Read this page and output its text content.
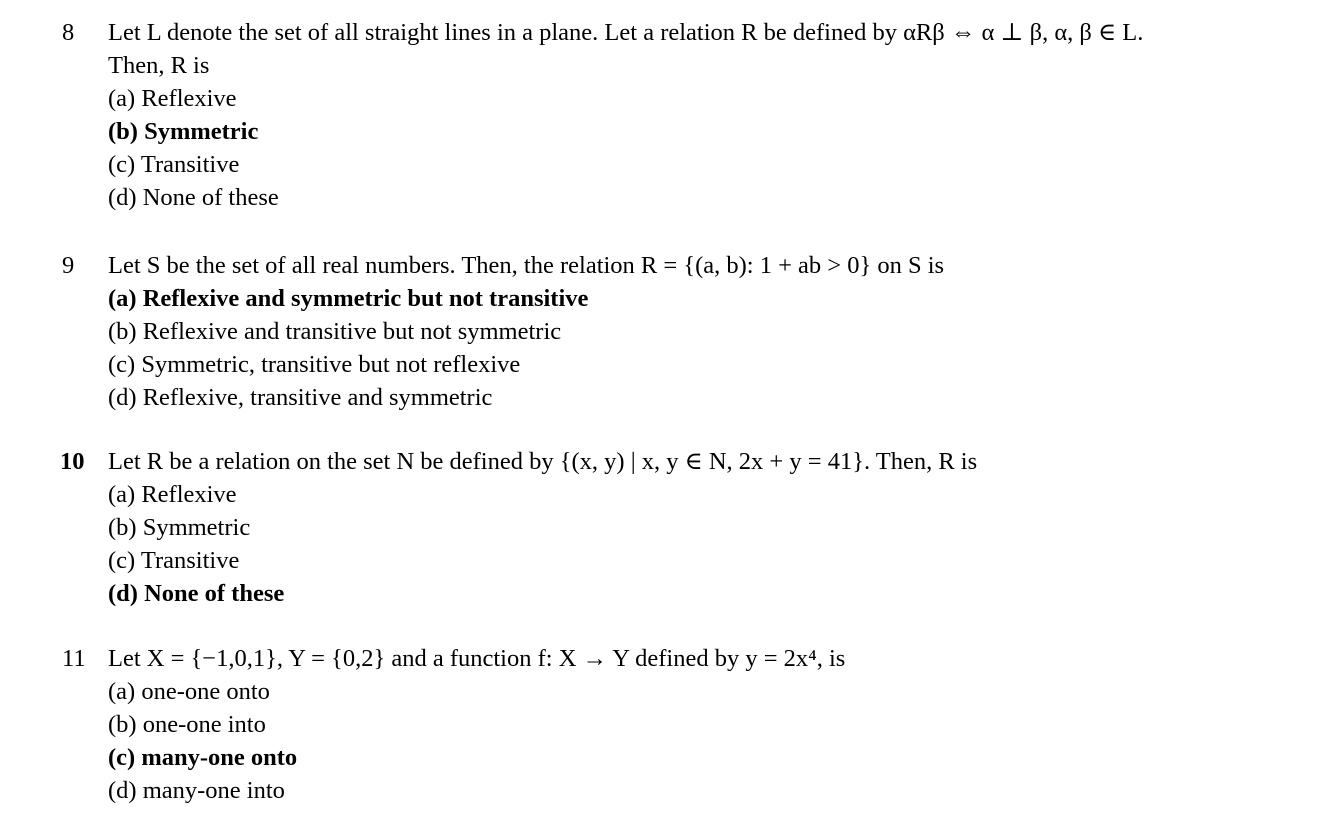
8 Let L denote the set of all straight lines in a plane. Let a relation R be defined by αRβ ⇔ α ⊥ β, α, β ∈ L.
Then, R is
(a) Reflexive
(b) Symmetric
(c) Transitive
(d) None of these
9 Let S be the set of all real numbers. Then, the relation R = {(a, b): 1 + ab > 0} on S is
(a) Reflexive and symmetric but not transitive
(b) Reflexive and transitive but not symmetric
(c) Symmetric, transitive but not reflexive
(d) Reflexive, transitive and symmetric
10 Let R be a relation on the set N be defined by {(x, y) | x, y ∈ N, 2x + y = 41}. Then, R is
(a) Reflexive
(b) Symmetric
(c) Transitive
(d) None of these
11 Let X = {−1,0,1}, Y = {0,2} and a function f: X → Y defined by y = 2x⁴, is
(a) one-one onto
(b) one-one into
(c) many-one onto
(d) many-one into
